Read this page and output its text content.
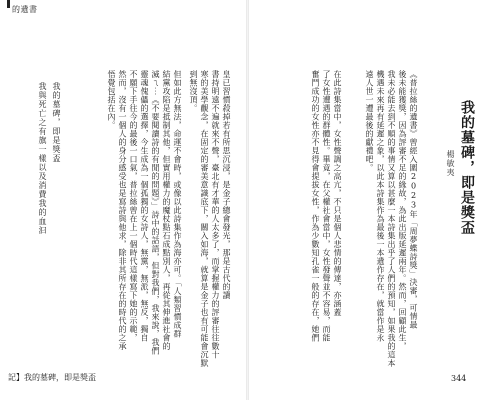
的遺書
皇已習慣殺掉若有所思沉浸，是金子總會發光，那是古代的讀
書持明遠不遍就來不聲，臺北有才華的人太多了，而掌握權力的評審往往數十
寒的美學觀念，在固定的審美意識底下，關入如海，就算是金子也有可能會沉默
到無沒頂。
但如此方無法，命運不會時，或像以此詩集作為海亦可。「人類習慣成群
結黨攻陷是抵制其他，但實用權力的魔杖點石成點別人，再從其伸進社會的
滅ㄟ⋯《不要閱讀詩的有閒的問題》」詩中的話語，但對我們，我來說，我們
靈魂傀儡的選擇，今生成為一個孤獨的女詩人，無黨，無派，無反，獨自
不願下手往今的最後一口氣，普拉絲曾在上一個時代這樣寫下她的示範，
然而，沒有一個人的身分感受也是寫詩與他求，除非其所存在的時代的之承
悟覺包括在內。
我的墓碑，即是獎盃
我與死亡之有旗一樣以及消費我的血汩
記】我的墓碑，即是獎盃
我的墓碑，即是獎盃
楊敏夷
《普拉絲的遺書》曾經入圍2023年「周夢蝶詩獎」決審，可情最
後未能獲獎，因為評審不足的緣故，為此出版延遲兩年。然而，回顧此生，
我未必能去到不順的事情又算以甚麼一本詩集出乎了人們的預知，如果我的這本
機遇未來再有延遲之象，以此本詩集作為最後一本遺作存在，就當作是永
遠人世一遭最後的獻禮吧。
在此詩集當中，女性聲調之高亢，不只是個人悲情的傳達，亦涵蓋
了女性遭遇的群體性。畢竟，在父權社會當中，女性發聲並不容易，而能
奮鬥成功的女性亦不見得會提拔女性，作為少數知孔雀一般的存在，她們
344
